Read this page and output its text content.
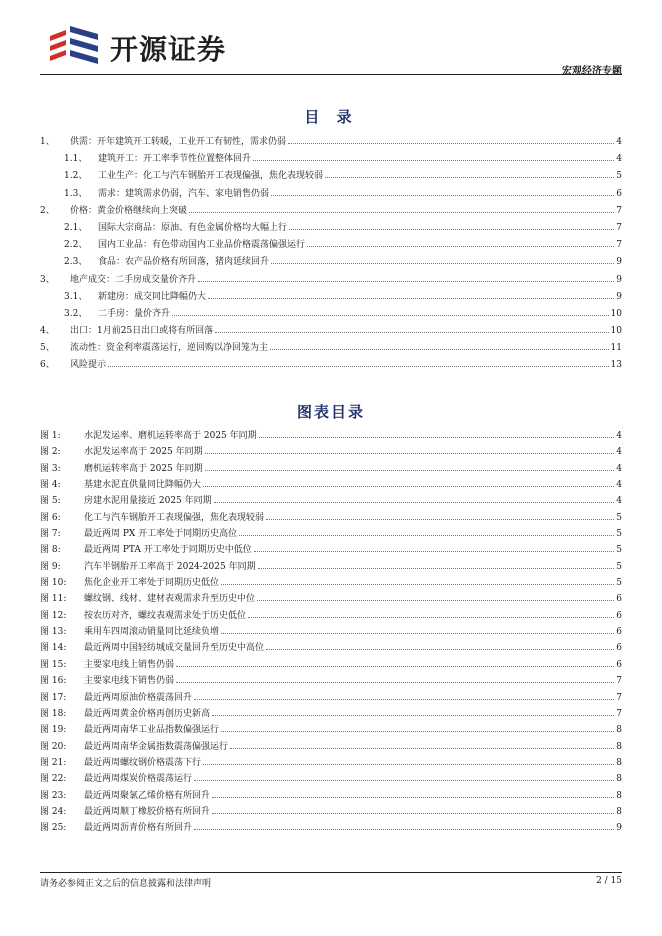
开源证券
宏观经济专题
目 录
1、	供需：开年建筑开工转暖，工业开工有韧性，需求仍弱	4
1.1、	建筑开工：开工率季节性位置整体回升	4
1.2、	工业生产：化工与汽车钢胎开工表现偏强，焦化表现较弱	5
1.3、	需求：建筑需求仍弱，汽车、家电销售仍弱	6
2、	价格：黄金价格继续向上突破	7
2.1、	国际大宗商品：原油、有色金属价格均大幅上行	7
2.2、	国内工业品：有色带动国内工业品价格震荡偏强运行	7
2.3、	食品：农产品价格有所回落，猪肉延续回升	9
3、	地产成交：二手房成交量价齐升	9
3.1、	新建房：成交同比降幅仍大	9
3.2、	二手房：量价齐升	10
4、	出口：1月前25日出口或将有所回落	10
5、	流动性：资金利率震荡运行，逆回购以净回笼为主	11
6、	风险提示	13
图表目录
图 1:	水泥发运率、磨机运转率高于 2025 年同期	4
图 2:	水泥发运率高于 2025 年同期	4
图 3:	磨机运转率高于 2025 年同期	4
图 4:	基建水泥直供量同比降幅仍大	4
图 5:	房建水泥用量接近 2025 年同期	4
图 6:	化工与汽车钢胎开工表现偏强，焦化表现较弱	5
图 7:	最近两周 PX 开工率处于同期历史高位	5
图 8:	最近两周 PTA 开工率处于同期历史中低位	5
图 9:	汽车半钢胎开工率高于 2024-2025 年同期	5
图 10:	焦化企业开工率处于同期历史低位	5
图 11:	螺纹钢、线材、建材表观需求升至历史中位	6
图 12:	按农历对齐，螺纹表观需求处于历史低位	6
图 13:	乘用车四周滚动销量同比延续负增	6
图 14:	最近两周中国轻纺城成交量回升至历史中高位	6
图 15:	主要家电线上销售仍弱	6
图 16:	主要家电线下销售仍弱	7
图 17:	最近两周原油价格震荡回升	7
图 18:	最近两周黄金价格再创历史新高	7
图 19:	最近两周南华工业品指数偏强运行	8
图 20:	最近两周南华金属指数震荡偏强运行	8
图 21:	最近两周螺纹钢价格震荡下行	8
图 22:	最近两周煤炭价格震荡运行	8
图 23:	最近两周聚氯乙烯价格有所回升	8
图 24:	最近两周顺丁橡胶价格有所回升	8
图 25:	最近两周沥青价格有所回升	9
请务必参阅正文之后的信息披露和法律声明	2 / 15
